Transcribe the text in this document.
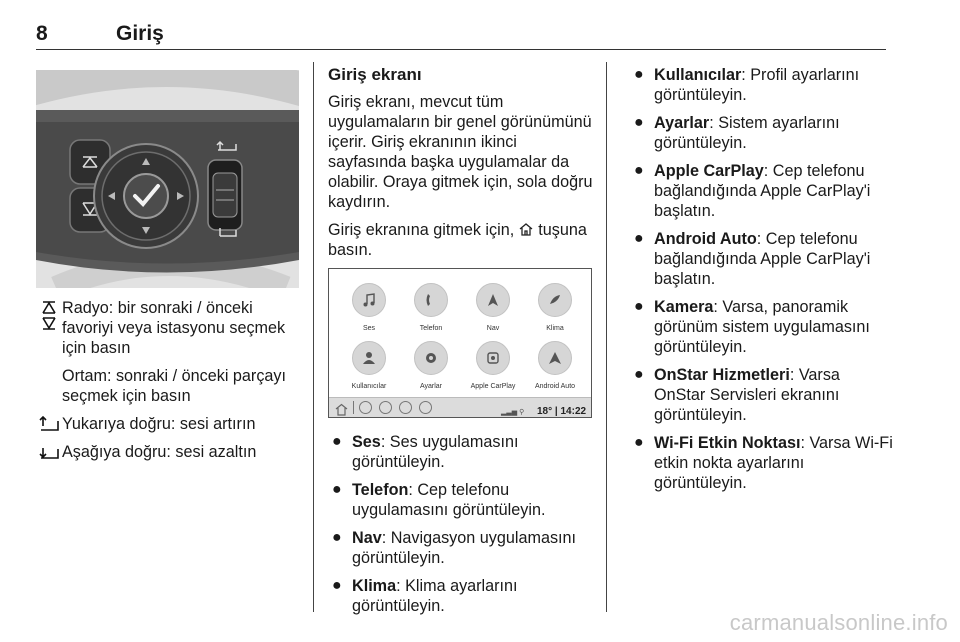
8	Giriş
Radyo: bir sonraki / önceki favoriyi veya istasyonu seçmek için basın
Ortam: sonraki / önceki parçayı seçmek için basın
Yukarıya doğru: sesi artırın
Aşağıya doğru: sesi azaltın
Giriş ekranı
Giriş ekranı, mevcut tüm uygulamaların bir genel görünümünü içerir. Giriş ekranının ikinci sayfasında başka uygulamalar da olabilir. Oraya gitmek için, sola doğru kaydırın.
Giriş ekranına gitmek için, tuşuna basın.
Ses	Telefon	Nav	Klima
Kullanıcılar	Ayarlar	Apple CarPlay	Android Auto
▂▃▅ ⚲ 18° | 14:22
● Ses: Ses uygulamasını görüntüleyin.
● Telefon: Cep telefonu uygulamasını görüntüleyin.
● Nav: Navigasyon uygulamasını görüntüleyin.
● Klima: Klima ayarlarını görüntüleyin.
● Kullanıcılar: Profil ayarlarını görüntüleyin.
● Ayarlar: Sistem ayarlarını görüntüleyin.
● Apple CarPlay: Cep telefonu bağlandığında Apple CarPlay'i başlatın.
● Android Auto: Cep telefonu bağlandığında Apple CarPlay'i başlatın.
● Kamera: Varsa, panoramik görünüm sistem uygulamasını görüntüleyin.
● OnStar Hizmetleri: Varsa OnStar Servisleri ekranını görüntüleyin.
● Wi-Fi Etkin Noktası: Varsa Wi-Fi etkin nokta ayarlarını görüntüleyin.
carmanualsonline.info
